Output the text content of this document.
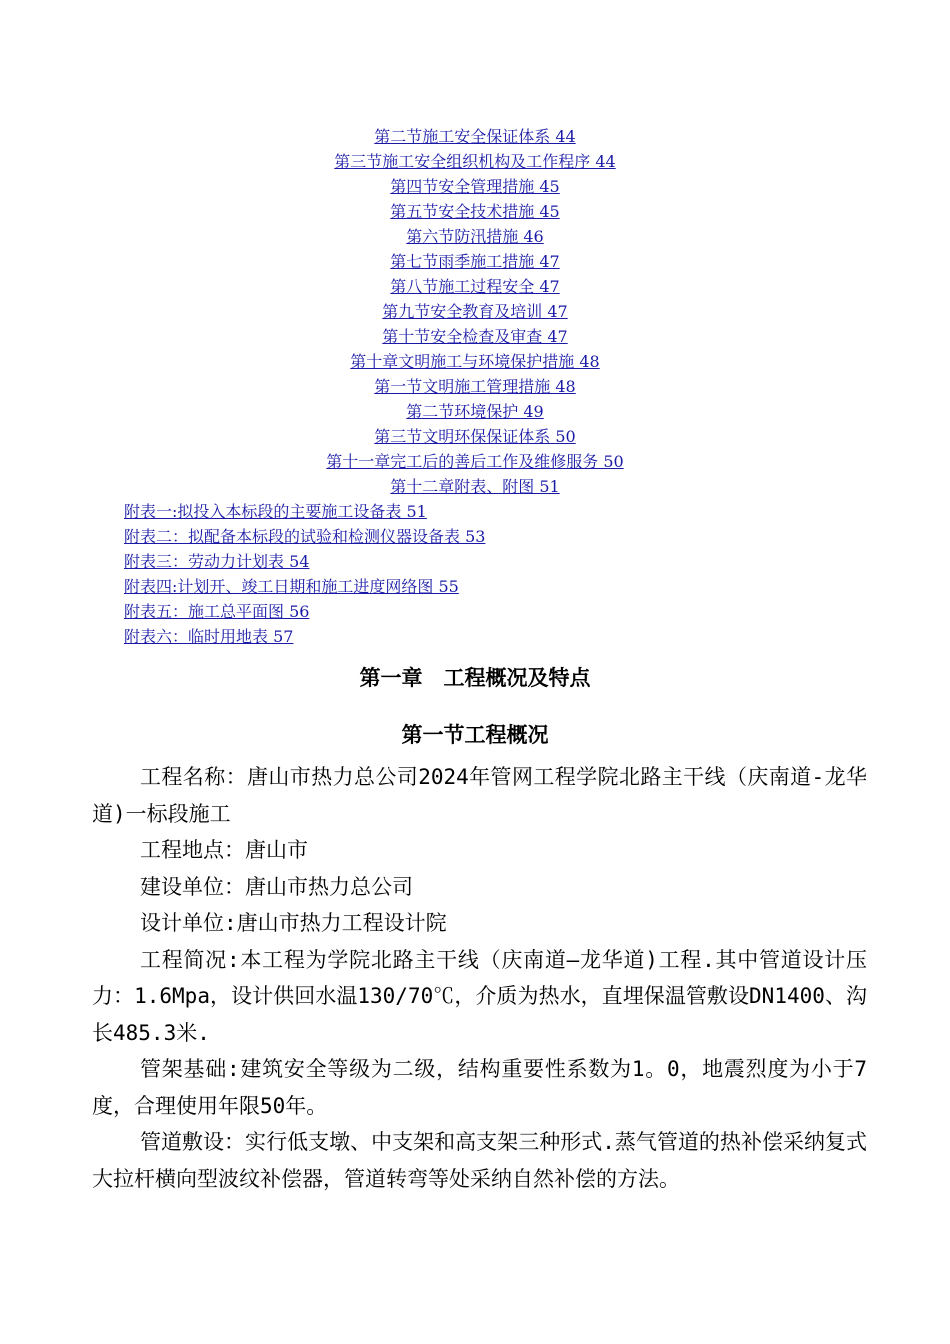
第二节施工安全保证体系 44
第三节施工安全组织机构及工作程序 44
第四节安全管理措施 45
第五节安全技术措施 45
第六节防汛措施 46
第七节雨季施工措施 47
第八节施工过程安全 47
第九节安全教育及培训 47
第十节安全检查及审查 47
第十章文明施工与环境保护措施 48
第一节文明施工管理措施 48
第二节环境保护 49
第三节文明环保保证体系 50
第十一章完工后的善后工作及维修服务 50
第十二章附表、附图 51
附表一:拟投入本标段的主要施工设备表 51
附表二：拟配备本标段的试验和检测仪器设备表 53
附表三：劳动力计划表 54
附表四:计划开、竣工日期和施工进度网络图 55
附表五：施工总平面图 56
附表六：临时用地表 57
第一章　工程概况及特点
第一节工程概况

工程名称：唐山市热力总公司2024年管网工程学院北路主干线（庆南道-龙华道)一标段施工

工程地点：唐山市

建设单位：唐山市热力总公司

设计单位:唐山市热力工程设计院

工程简况:本工程为学院北路主干线（庆南道—龙华道)工程.其中管道设计压力：1.6Mpa，设计供回水温130/70℃，介质为热水，直埋保温管敷设DN1400、沟长485.3米.

管架基础:建筑安全等级为二级，结构重要性系数为1。0，地震烈度为小于7度，合理使用年限50年。

管道敷设：实行低支墩、中支架和高支架三种形式.蒸气管道的热补偿采纳复式大拉杆横向型波纹补偿器，管道转弯等处采纳自然补偿的方法。
